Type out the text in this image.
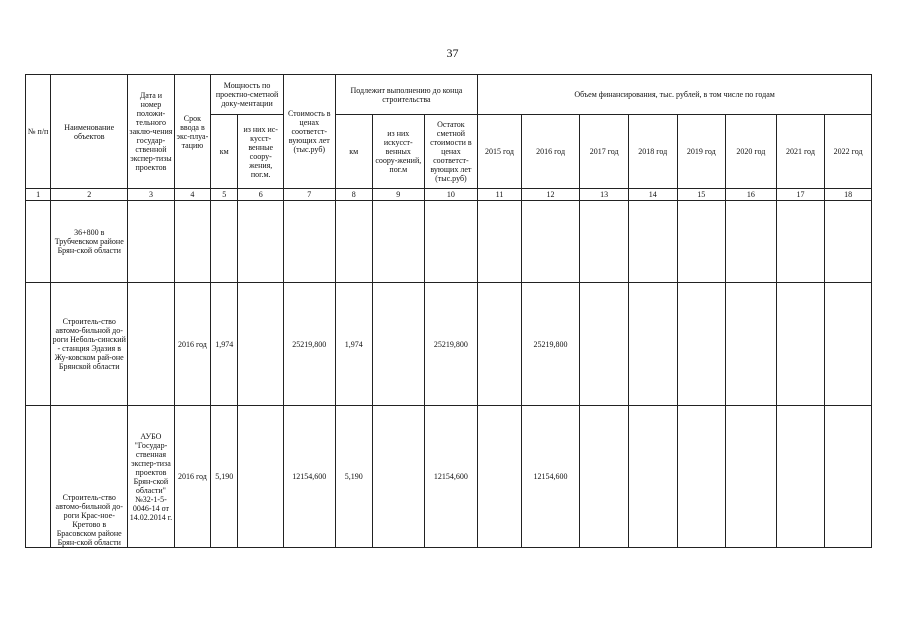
37
№ п/п	Наименование объектов	Дата и номер положи-тельного заклю-чения государ-ственной экспер-тизы проектов	Срок ввода в экс-плуа-тацию	Мощность по проектно-сметной доку-ментации		Стоимость в ценах соответст-вующих лет (тыс.руб)	Подлежит выполнению до конца строительства			Объем финансирования, тыс. рублей, в том числе по годам							
				км	из них ис-кусст-венные соору-жения, пог.м.		км	из них искусст-венных соору-жений, пог.м	Остаток сметной стоимости в ценах соответст-вующих лет (тыс.руб)	2015 год	2016 год	2017 год	2018 год	2019 год	2020 год	2021 год	2022 год
1	2	3	4	5	6	7	8	9	10	11	12	13	14	15	16	17	18
	36+800 в Трубчевском районе Брян-ской области																
	Строитель-ство автомо-бильной до-роги Неболь-синский - станция Эдазия в Жу-ковском рай-оне Брянской области		2016 год	1,974		25219,800	1,974		25219,800		25219,800						
	Строитель-ство автомо-бильной до-роги Крас-ное-Кретово в Брасовском районе Брян-ской области	АУБО "Государ-ственная экспер-тиза проектов Брян-ской области" №32-1-5-0046-14 от 14.02.2014 г.	2016 год	5,190		12154,600	5,190		12154,600		12154,600						
